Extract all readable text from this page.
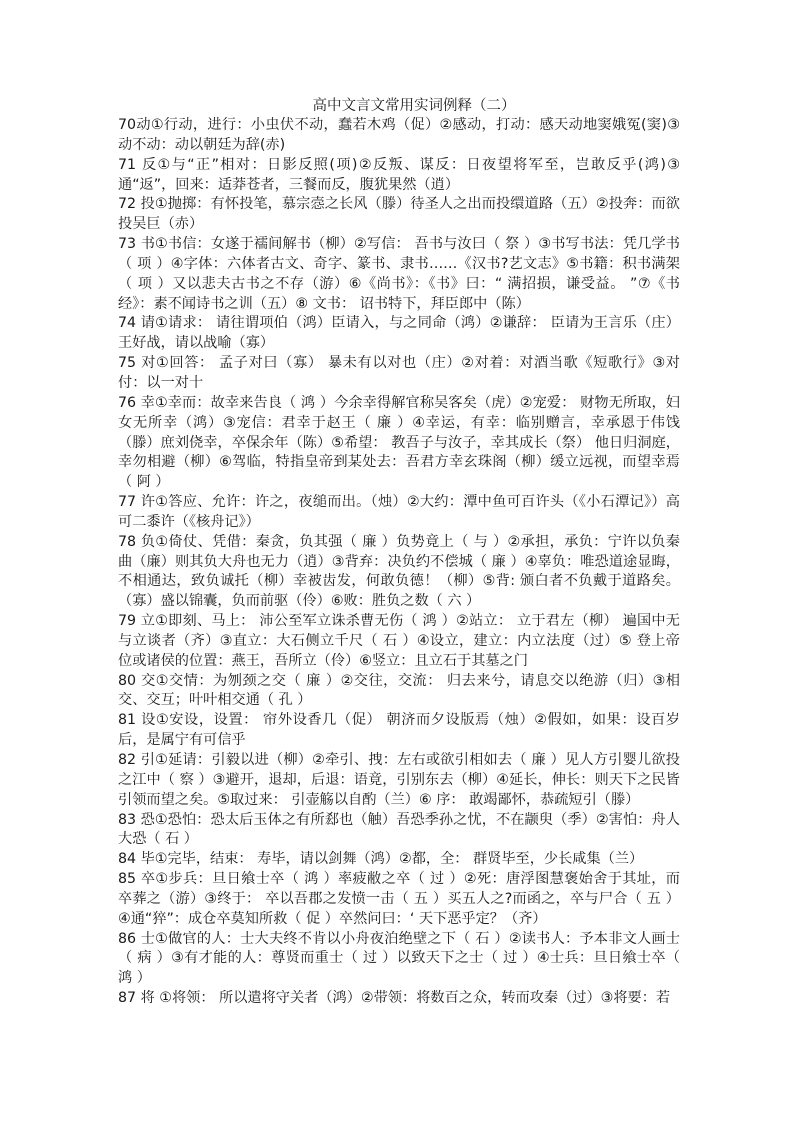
高中文言文常用实词例释（二）

70动①行动，进行：小虫伏不动，蠢若木鸡（促）②感动，打动：感天动地窦娥冤(窦)③动不动：动以朝廷为辞(赤)

71 反①与“正”相对：日影反照(项)②反叛、谋反：日夜望将军至，岂敢反乎(鸿)③通“返”，回来：适莽苍者，三餐而反，腹犹果然（逍）

72 投①抛掷：有怀投笔，慕宗悫之长风（滕）待圣人之出而投缳道路（五）②投奔：而欲投吴巨（赤）

73 书①书信：女遂于襦间解书（柳）②写信： 吾书与汝曰（ 祭 ）③书写书法：凭几学书（ 项 ）④字体：六体者古文、奇字、篆书、隶书……《汉书?艺文志》⑤书籍：积书满架（ 项 ）又以悲夫古书之不存（游）⑥《尚书》：《书》曰：“ 满招损，谦受益。 ”⑦《书经》：素不闻诗书之训（五）⑧ 文书： 诏书特下，拜臣郎中（陈）

74 请①请求： 请往谓项伯（鸿）臣请入，与之同命（鸿）②谦辞： 臣请为王言乐（庄）王好战，请以战喻（寡）

75 对①回答： 孟子对曰（寡） 暴未有以对也（庄）②对着：对酒当歌《短歌行》③对付：以一对十

76 幸①幸而：故幸来告良（ 鸿 ）今余幸得解官称吴客矣（虎）②宠爱： 财物无所取，妇女无所幸（鸿）③宠信：君幸于赵王（ 廉 ）④幸运，有幸：临别赠言，幸承恩于伟饯（滕）庶刘侥幸，卒保余年（陈）⑤希望： 教吾子与汝子，幸其成长（祭） 他日归洞庭，幸勿相避（柳）⑥驾临，特指皇帝到某处去：吾君方幸玄珠阁（柳）缓立远视，而望幸焉（ 阿 ）

77 许①答应、允许：许之，夜缒而出。（烛）②大约：潭中鱼可百许头（《小石潭记》）高可二黍许（《核舟记》）

78 负①倚仗、凭借：秦贪，负其强（ 廉 ）负势竟上（ 与 ）②承担，承负：宁许以负秦曲（廉）则其负大舟也无力（逍）③背弃：决负约不偿城（ 廉 ）④辜负：唯恐道途显晦，不相通达，致负诚托（柳）幸被齿发，何敢负德！（柳）⑤背: 颁白者不负戴于道路矣。（寡）盛以锦囊，负而前驱（伶）⑥败：胜负之数（ 六 ）

79 立①即刻、马上： 沛公至军立诛杀曹无伤（ 鸿 ）②站立： 立于君左（柳） 遍国中无与立谈者（齐）③直立：大石侧立千尺（ 石 ）④设立，建立：内立法度（过）⑤ 登上帝位或诸侯的位置：燕王，吾所立（伶）⑥竖立：且立石于其墓之门

80 交①交情：为刎颈之交（ 廉 ）②交往，交流： 归去来兮，请息交以绝游（归）③相交、交互；叶叶相交通（ 孔 ）

81 设①安设，设置： 帘外设香几（促） 朝济而夕设版焉（烛）②假如，如果：设百岁后，是属宁有可信乎

82 引①延请：引毅以进（柳）②牵引、拽：左右或欲引相如去（ 廉 ）见人方引婴儿欲投之江中（ 察 ）③避开，退却，后退：语竟，引别东去（柳）④延长，伸长：则天下之民皆引领而望之矣。⑤取过来： 引壶觞以自酌（兰）⑥ 序： 敢竭鄙怀，恭疏短引（滕）

83 恐①恐怕：恐太后玉体之有所郄也（触）吾恐季孙之忧，不在颛臾（季）②害怕：舟人大恐（ 石 ）

84 毕①完毕，结束： 寿毕，请以剑舞（鸿）②都，全： 群贤毕至，少长咸集（兰）

85 卒①步兵：旦日飨士卒（ 鸿 ）率疲敝之卒（ 过 ）②死：唐浮图慧褒始舍于其址，而卒葬之（游）③终于： 卒以吾郡之发愤一击（ 五 ）买五人之?而函之，卒与尸合（ 五 ）④通“猝”：成仓卒莫知所救（ 促 ）卒然问曰：‘ 天下恶乎定？（齐）

86 士①做官的人：士大夫终不肯以小舟夜泊绝壁之下（ 石 ）②读书人：予本非文人画士（ 病 ）③有才能的人：尊贤而重士（ 过 ）以致天下之士（ 过 ）④士兵：旦日飨士卒（ 鸿 ）

87 将 ①将领： 所以遣将守关者（鸿）②带领：将数百之众，转而攻秦（过）③将要：若
